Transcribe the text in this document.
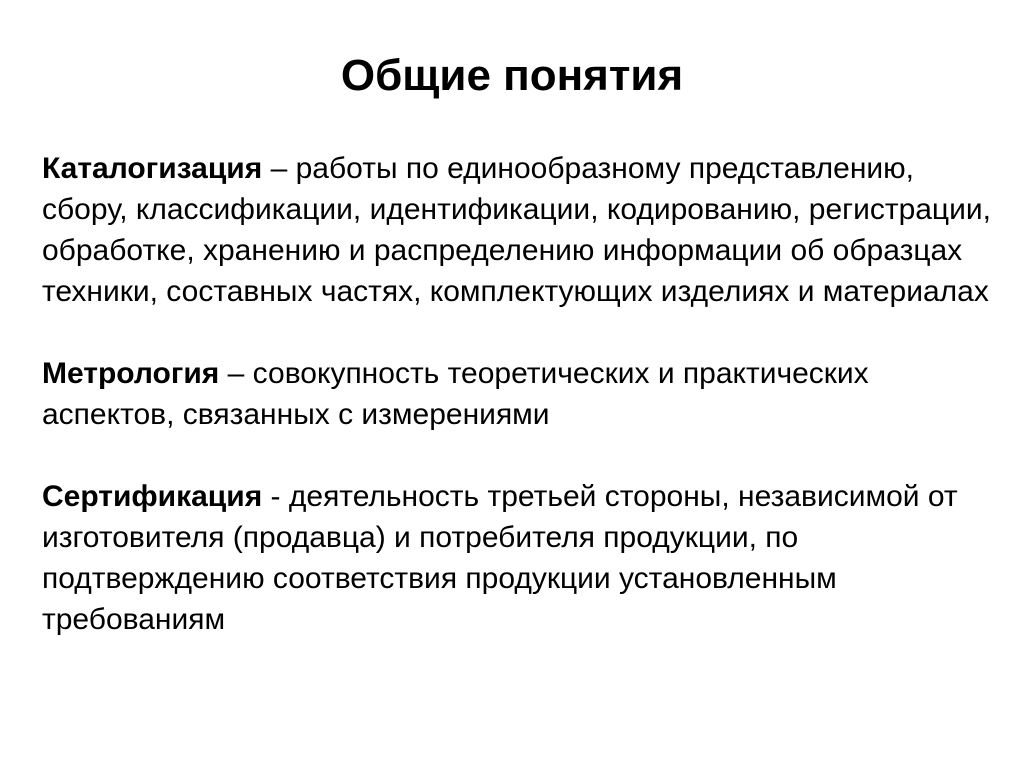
Общие понятия

Каталогизация – работы по единообразному представлению, сбору, классификации, идентификации, кодированию, регистрации, обработке, хранению и распределению информации об образцах техники, составных частях, комплектующих изделиях и материалах

Метрология – совокупность теоретических и практических аспектов, связанных с измерениями

Сертификация - деятельность третьей стороны, независимой от изготовителя (продавца) и потребителя продукции, по подтверждению соответствия продукции установленным требованиям
